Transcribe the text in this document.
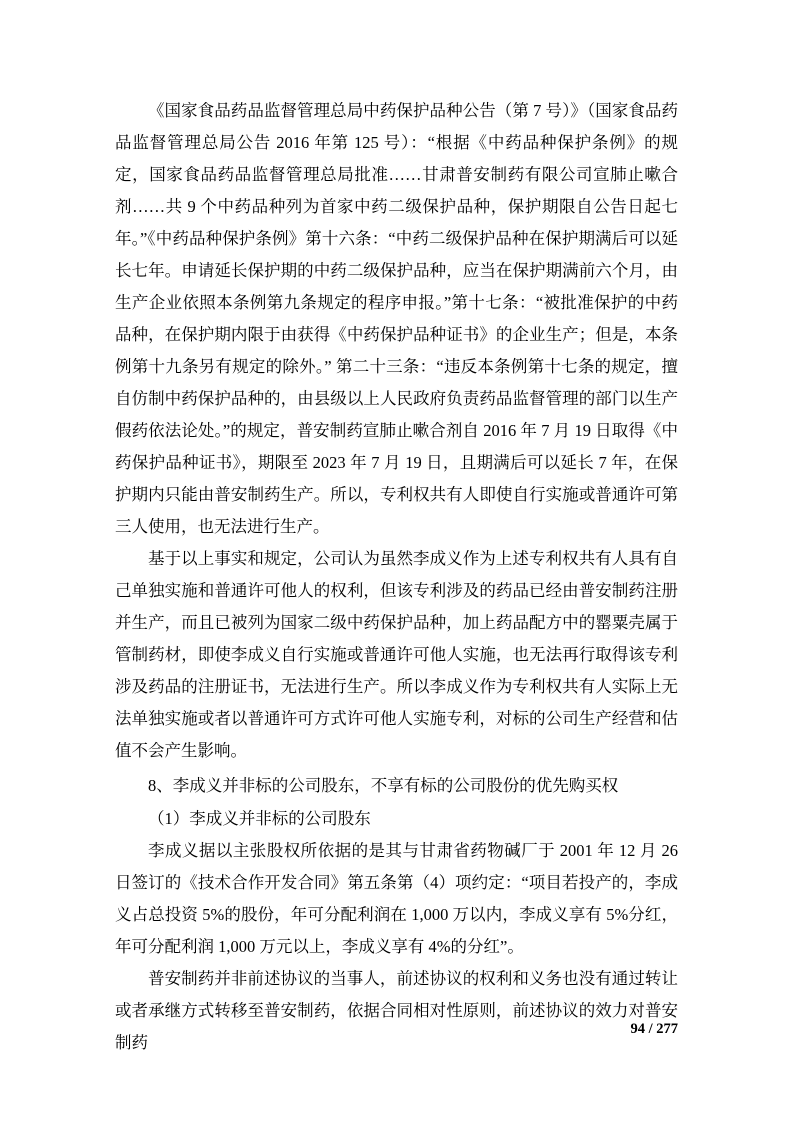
《国家食品药品监督管理总局中药保护品种公告（第 7 号）》（国家食品药品监督管理总局公告 2016 年第 125 号）：“根据《中药品种保护条例》的规定，国家食品药品监督管理总局批准……甘肃普安制药有限公司宣肺止嗽合剂……共 9 个中药品种列为首家中药二级保护品种，保护期限自公告日起七年。”《中药品种保护条例》第十六条：“中药二级保护品种在保护期满后可以延长七年。申请延长保护期的中药二级保护品种，应当在保护期满前六个月，由生产企业依照本条例第九条规定的程序申报。”第十七条：“被批准保护的中药品种，在保护期内限于由获得《中药保护品种证书》的企业生产；但是，本条例第十九条另有规定的除外。” 第二十三条：“违反本条例第十七条的规定，擅自仿制中药保护品种的，由县级以上人民政府负责药品监督管理的部门以生产假药依法论处。”的规定，普安制药宣肺止嗽合剂自 2016 年 7 月 19 日取得《中药保护品种证书》，期限至 2023 年 7 月 19 日，且期满后可以延长 7 年，在保护期内只能由普安制药生产。所以，专利权共有人即使自行实施或普通许可第三人使用，也无法进行生产。

基于以上事实和规定，公司认为虽然李成义作为上述专利权共有人具有自己单独实施和普通许可他人的权利，但该专利涉及的药品已经由普安制药注册并生产，而且已被列为国家二级中药保护品种，加上药品配方中的罂粟壳属于管制药材，即使李成义自行实施或普通许可他人实施，也无法再行取得该专利涉及药品的注册证书，无法进行生产。所以李成义作为专利权共有人实际上无法单独实施或者以普通许可方式许可他人实施专利，对标的公司生产经营和估值不会产生影响。

8、李成义并非标的公司股东，不享有标的公司股份的优先购买权

（1）李成义并非标的公司股东

李成义据以主张股权所依据的是其与甘肃省药物碱厂于 2001 年 12 月 26 日签订的《技术合作开发合同》第五条第（4）项约定：“项目若投产的，李成义占总投资 5%的股份，年可分配利润在 1,000 万以内，李成义享有 5%分红，年可分配利润 1,000 万元以上，李成义享有 4%的分红”。

普安制药并非前述协议的当事人，前述协议的权利和义务也没有通过转让或者承继方式转移至普安制药，依据合同相对性原则，前述协议的效力对普安制药

94 / 277
